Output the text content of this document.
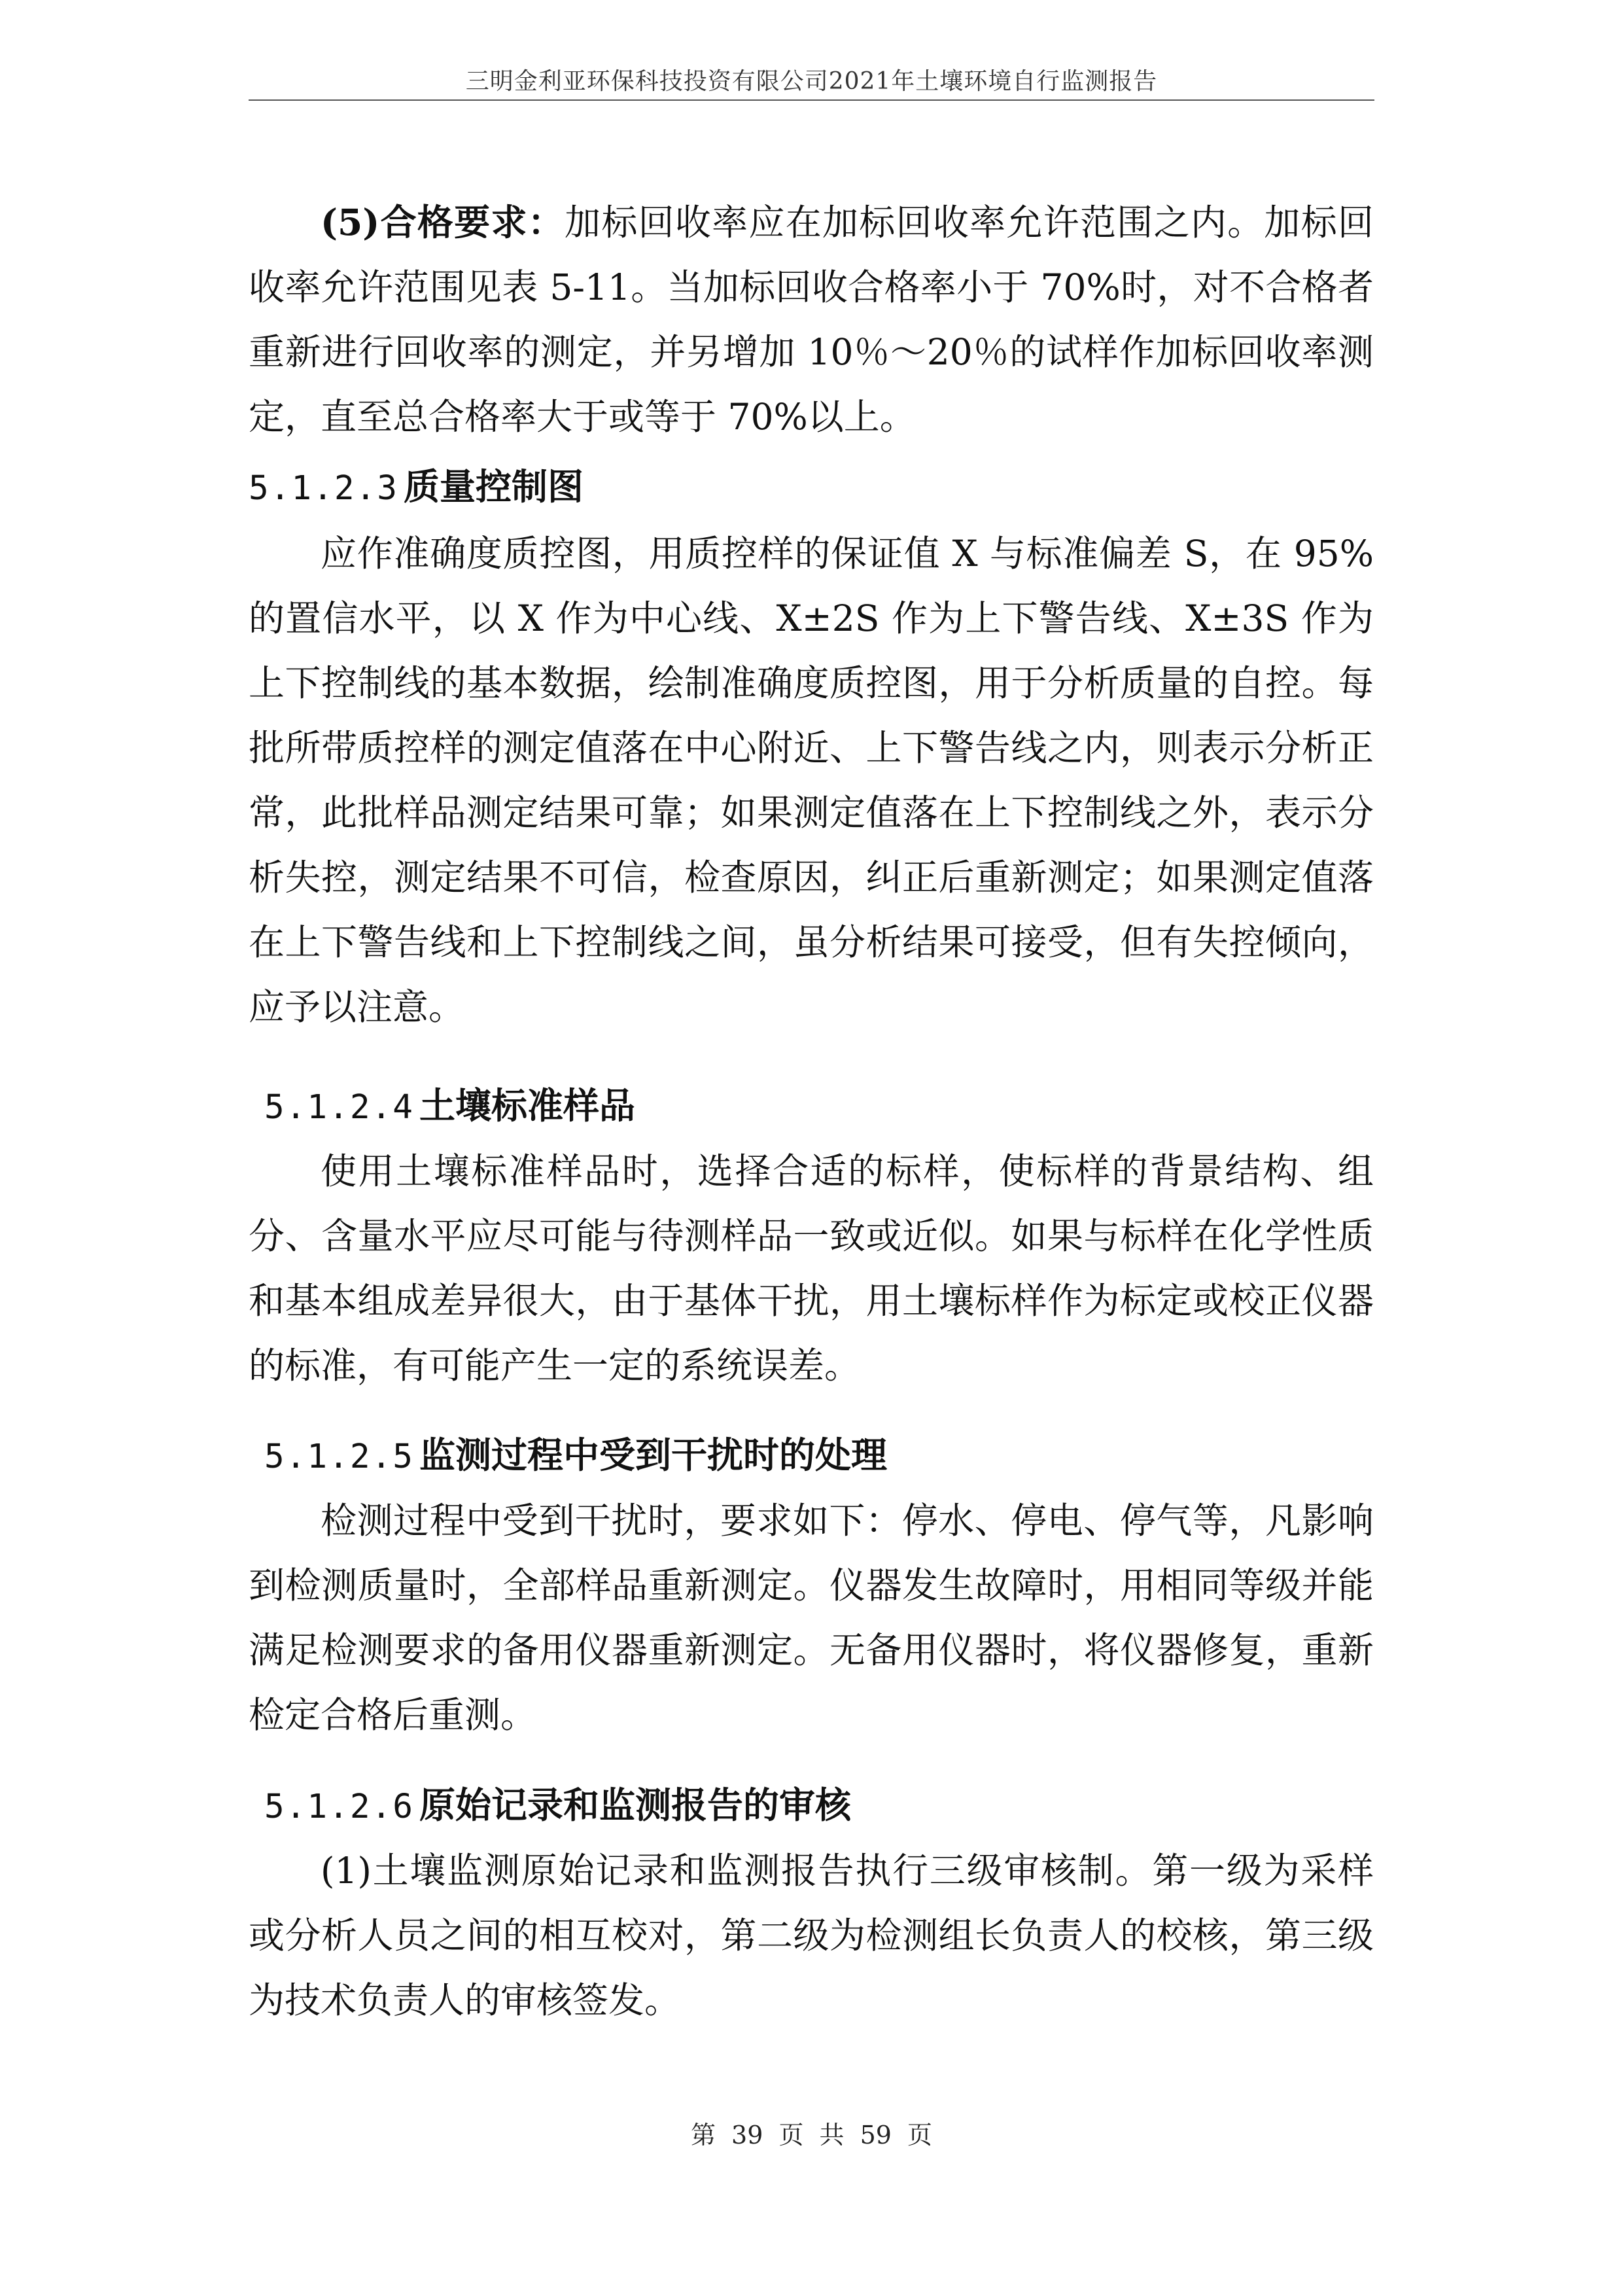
三明金利亚环保科技投资有限公司2021年土壤环境自行监测报告
(5)合格要求：加标回收率应在加标回收率允许范围之内。加标回收率允许范围见表 5-11。当加标回收合格率小于 70%时，对不合格者重新进行回收率的测定，并另增加 10％～20％的试样作加标回收率测定，直至总合格率大于或等于 70%以上。
5.1.2.3 质量控制图
应作准确度质控图，用质控样的保证值 X 与标准偏差 S，在 95%的置信水平，以 X 作为中心线、X±2S 作为上下警告线、X±3S 作为上下控制线的基本数据，绘制准确度质控图，用于分析质量的自控。每批所带质控样的测定值落在中心附近、上下警告线之内，则表示分析正常，此批样品测定结果可靠；如果测定值落在上下控制线之外，表示分析失控，测定结果不可信，检查原因，纠正后重新测定；如果测定值落在上下警告线和上下控制线之间，虽分析结果可接受，但有失控倾向，应予以注意。
5.1.2.4 土壤标准样品
使用土壤标准样品时，选择合适的标样，使标样的背景结构、组分、含量水平应尽可能与待测样品一致或近似。如果与标样在化学性质和基本组成差异很大，由于基体干扰，用土壤标样作为标定或校正仪器的标准，有可能产生一定的系统误差。
5.1.2.5 监测过程中受到干扰时的处理
检测过程中受到干扰时，要求如下：停水、停电、停气等，凡影响到检测质量时，全部样品重新测定。仪器发生故障时，用相同等级并能满足检测要求的备用仪器重新测定。无备用仪器时，将仪器修复，重新检定合格后重测。
5.1.2.6 原始记录和监测报告的审核
(1)土壤监测原始记录和监测报告执行三级审核制。第一级为采样或分析人员之间的相互校对，第二级为检测组长负责人的校核，第三级为技术负责人的审核签发。
第 39 页 共 59 页
